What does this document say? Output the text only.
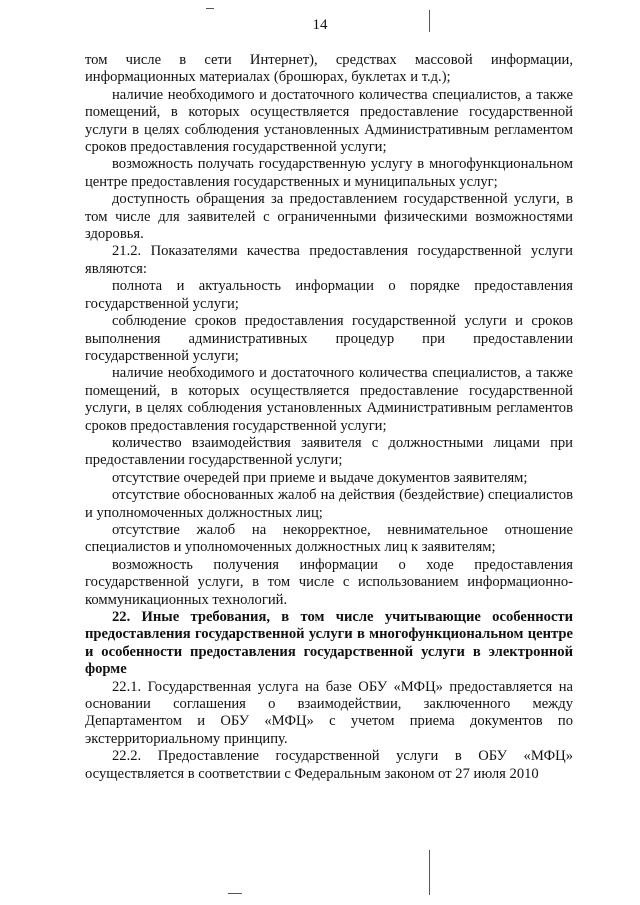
14

том числе в сети Интернет), средствах массовой информации, информационных материалах (брошюрах, буклетах и т.д.);

наличие необходимого и достаточного количества специалистов, а также помещений, в которых осуществляется предоставление государственной услуги в целях соблюдения установленных Административным регламентом сроков предоставления государственной услуги;

возможность получать государственную услугу в многофункциональном центре предоставления государственных и муниципальных услуг;

доступность обращения за предоставлением государственной услуги, в том числе для заявителей с ограниченными физическими возможностями здоровья.

21.2. Показателями качества предоставления государственной услуги являются:

полнота и актуальность информации о порядке предоставления государственной услуги;

соблюдение сроков предоставления государственной услуги и сроков выполнения административных процедур при предоставлении государственной услуги;

наличие необходимого и достаточного количества специалистов, а также помещений, в которых осуществляется предоставление государственной услуги, в целях соблюдения установленных Административным регламентов сроков предоставления государственной услуги;

количество взаимодействия заявителя с должностными лицами при предоставлении государственной услуги;

отсутствие очередей при приеме и выдаче документов заявителям;

отсутствие обоснованных жалоб на действия (бездействие) специалистов и уполномоченных должностных лиц;

отсутствие жалоб на некорректное, невнимательное отношение специалистов и уполномоченных должностных лиц к заявителям;

возможность получения информации о ходе предоставления государственной услуги, в том числе с использованием информационно-коммуникационных технологий.

22. Иные требования, в том числе учитывающие особенности предоставления государственной услуги в многофункциональном центре и особенности предоставления государственной услуги в электронной форме

22.1. Государственная услуга на базе ОБУ «МФЦ» предоставляется на основании соглашения о взаимодействии, заключенного между Департаментом и ОБУ «МФЦ» с учетом приема документов по экстерриториальному принципу.

22.2. Предоставление государственной услуги в ОБУ «МФЦ» осуществляется в соответствии с Федеральным законом от 27 июля 2010
